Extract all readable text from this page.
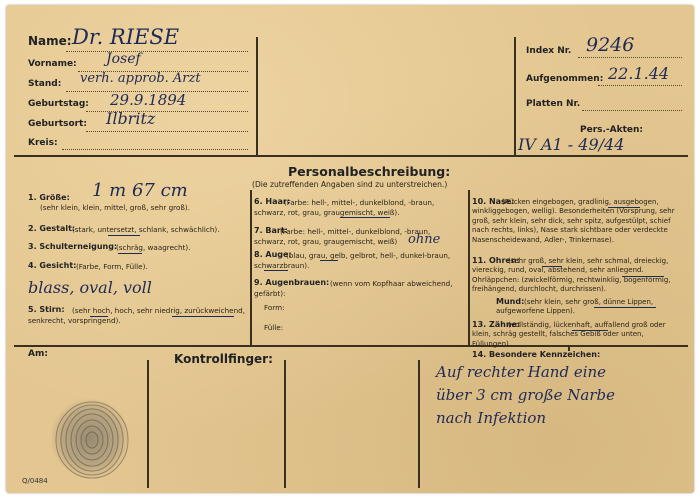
Name: Dr. RIESE
Vorname: Josef
Stand: verh. approb. Arzt
Geburtstag: 29.9.1894
Geburtsort: Ilbritz
Kreis:
Index Nr. 9246
Aufgenommen: 22.1.44
Platten Nr.
Pers.-Akten:
IV A1 - 49/44
Personalbeschreibung:
(Die zutreffenden Angaben sind zu unterstreichen.)
1. Größe: 1 m 67 cm
(sehr klein, klein, mittel, groß, sehr groß).
2. Gestalt:
(stark, untersetzt, schlank, schwächlich).
3. Schulterneigung:
(schräg, waagrecht).
4. Gesicht: (Farbe, Form, Fülle).
blass, oval, voll
5. Stirn:	(sehr hoch, hoch, sehr niedrig, zurückweichend, senkrecht, vorspringend).
6. Haar:
(Farbe: hell-, mittel-, dunkelblond, -braun, schwarz, rot, grau, graugemischt, weiß).
7. Bart:
(Farbe: hell-, mittel-, dunkelblond, -braun, schwarz, rot, grau, graugemischt, weiß) ohne
8. Auge:
(blau, grau, gelb, gelbrot, hell-, dunkel-braun, schwarzbraun).
9. Augenbrauen: (wenn vom Kopfhaar abweichend, gefärbt):
Form:
Fülle:
10. Nase:
(Rücken eingebogen, gradlinig, ausgebogen, winkliggebogen, wellig). Besonderheiten (Vorsprung, sehr groß, sehr klein, sehr dick, sehr spitz, aufgestülpt, schief nach rechts, links), Nase stark sichtbare oder verdeckte Nasenscheidewand, Adler-, Trinkernase).
11. Ohren:
(sehr groß, sehr klein, sehr schmal, dreieckig, viereckig, rund, oval, abstehend, sehr anliegend. Ohrläppchen: (zwickelförmig, rechtwinklig, bogenförmig, freihängend, durchlocht, durchrissen).
Mund: (sehr klein, sehr groß, dünne Lippen, aufgeworfene Lippen).
13. Zähne:
(vollständig, lückenhaft, auffallend groß oder klein, schräg gestellt, falsches Gebiß oder unten, Füllungen).
14. Besondere Kennzeichen:
Am:	Kontrollfinger:
Q/0484
Auf rechter Hand eine
über 3 cm große Narbe
nach Infektion
